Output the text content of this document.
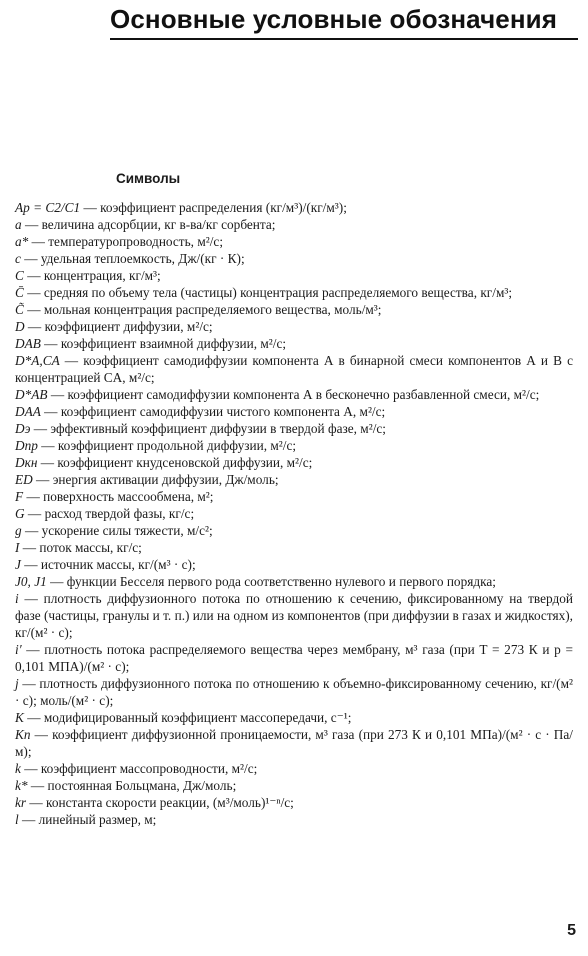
Основные условные обозначения
Символы
Ap = C2/C1 — коэффициент распределения (кг/м³)/(кг/м³);
a — величина адсорбции, кг в-ва/кг сорбента;
a* — температуропроводность, м²/с;
c — удельная теплоемкость, Дж/(кг · К);
C — концентрация, кг/м³;
C̄ — средняя по объему тела (частицы) концентрация распределяемого вещества, кг/м³;
C̃ — мольная концентрация распределяемого вещества, моль/м³;
D — коэффициент диффузии, м²/с;
DAB — коэффициент взаимной диффузии, м²/с;
D*A,CA — коэффициент самодиффузии компонента А в бинарной смеси компонентов А и В с концентрацией CA, м²/с;
D*AB — коэффициент самодиффузии компонента А в бесконечно разбавленной смеси, м²/с;
DAA — коэффициент самодиффузии чистого компонента А, м²/с;
Dэ — эффективный коэффициент диффузии в твердой фазе, м²/с;
Dпр — коэффициент продольной диффузии, м²/с;
Dкн — коэффициент кнудсеновской диффузии, м²/с;
ED — энергия активации диффузии, Дж/моль;
F — поверхность массообмена, м²;
G — расход твердой фазы, кг/с;
g — ускорение силы тяжести, м/с²;
I — поток массы, кг/с;
J — источник массы, кг/(м³ · с);
J0, J1 — функции Бесселя первого рода соответственно нулевого и первого порядка;
i — плотность диффузионного потока по отношению к сечению, фиксированному на твердой фазе (частицы, гранулы и т. п.) или на одном из компонентов (при диффузии в газах и жидкостях), кг/(м² · с);
i′ — плотность потока распределяемого вещества через мембрану, м³ газа (при T = 273 К и p = 0,101 МПА)/(м² · с);
j — плотность диффузионного потока по отношению к объемно-фиксированному сечению, кг/(м² · с); моль/(м² · с);
K — модифицированный коэффициент массопередачи, с⁻¹;
Kп — коэффициент диффузионной проницаемости, м³ газа (при 273 К и 0,101 МПа)/(м² · с · Па/м);
k — коэффициент массопроводности, м²/с;
k* — постоянная Больцмана, Дж/моль;
kr — константа скорости реакции, (м³/моль)¹⁻ⁿ/с;
l — линейный размер, м;
5
